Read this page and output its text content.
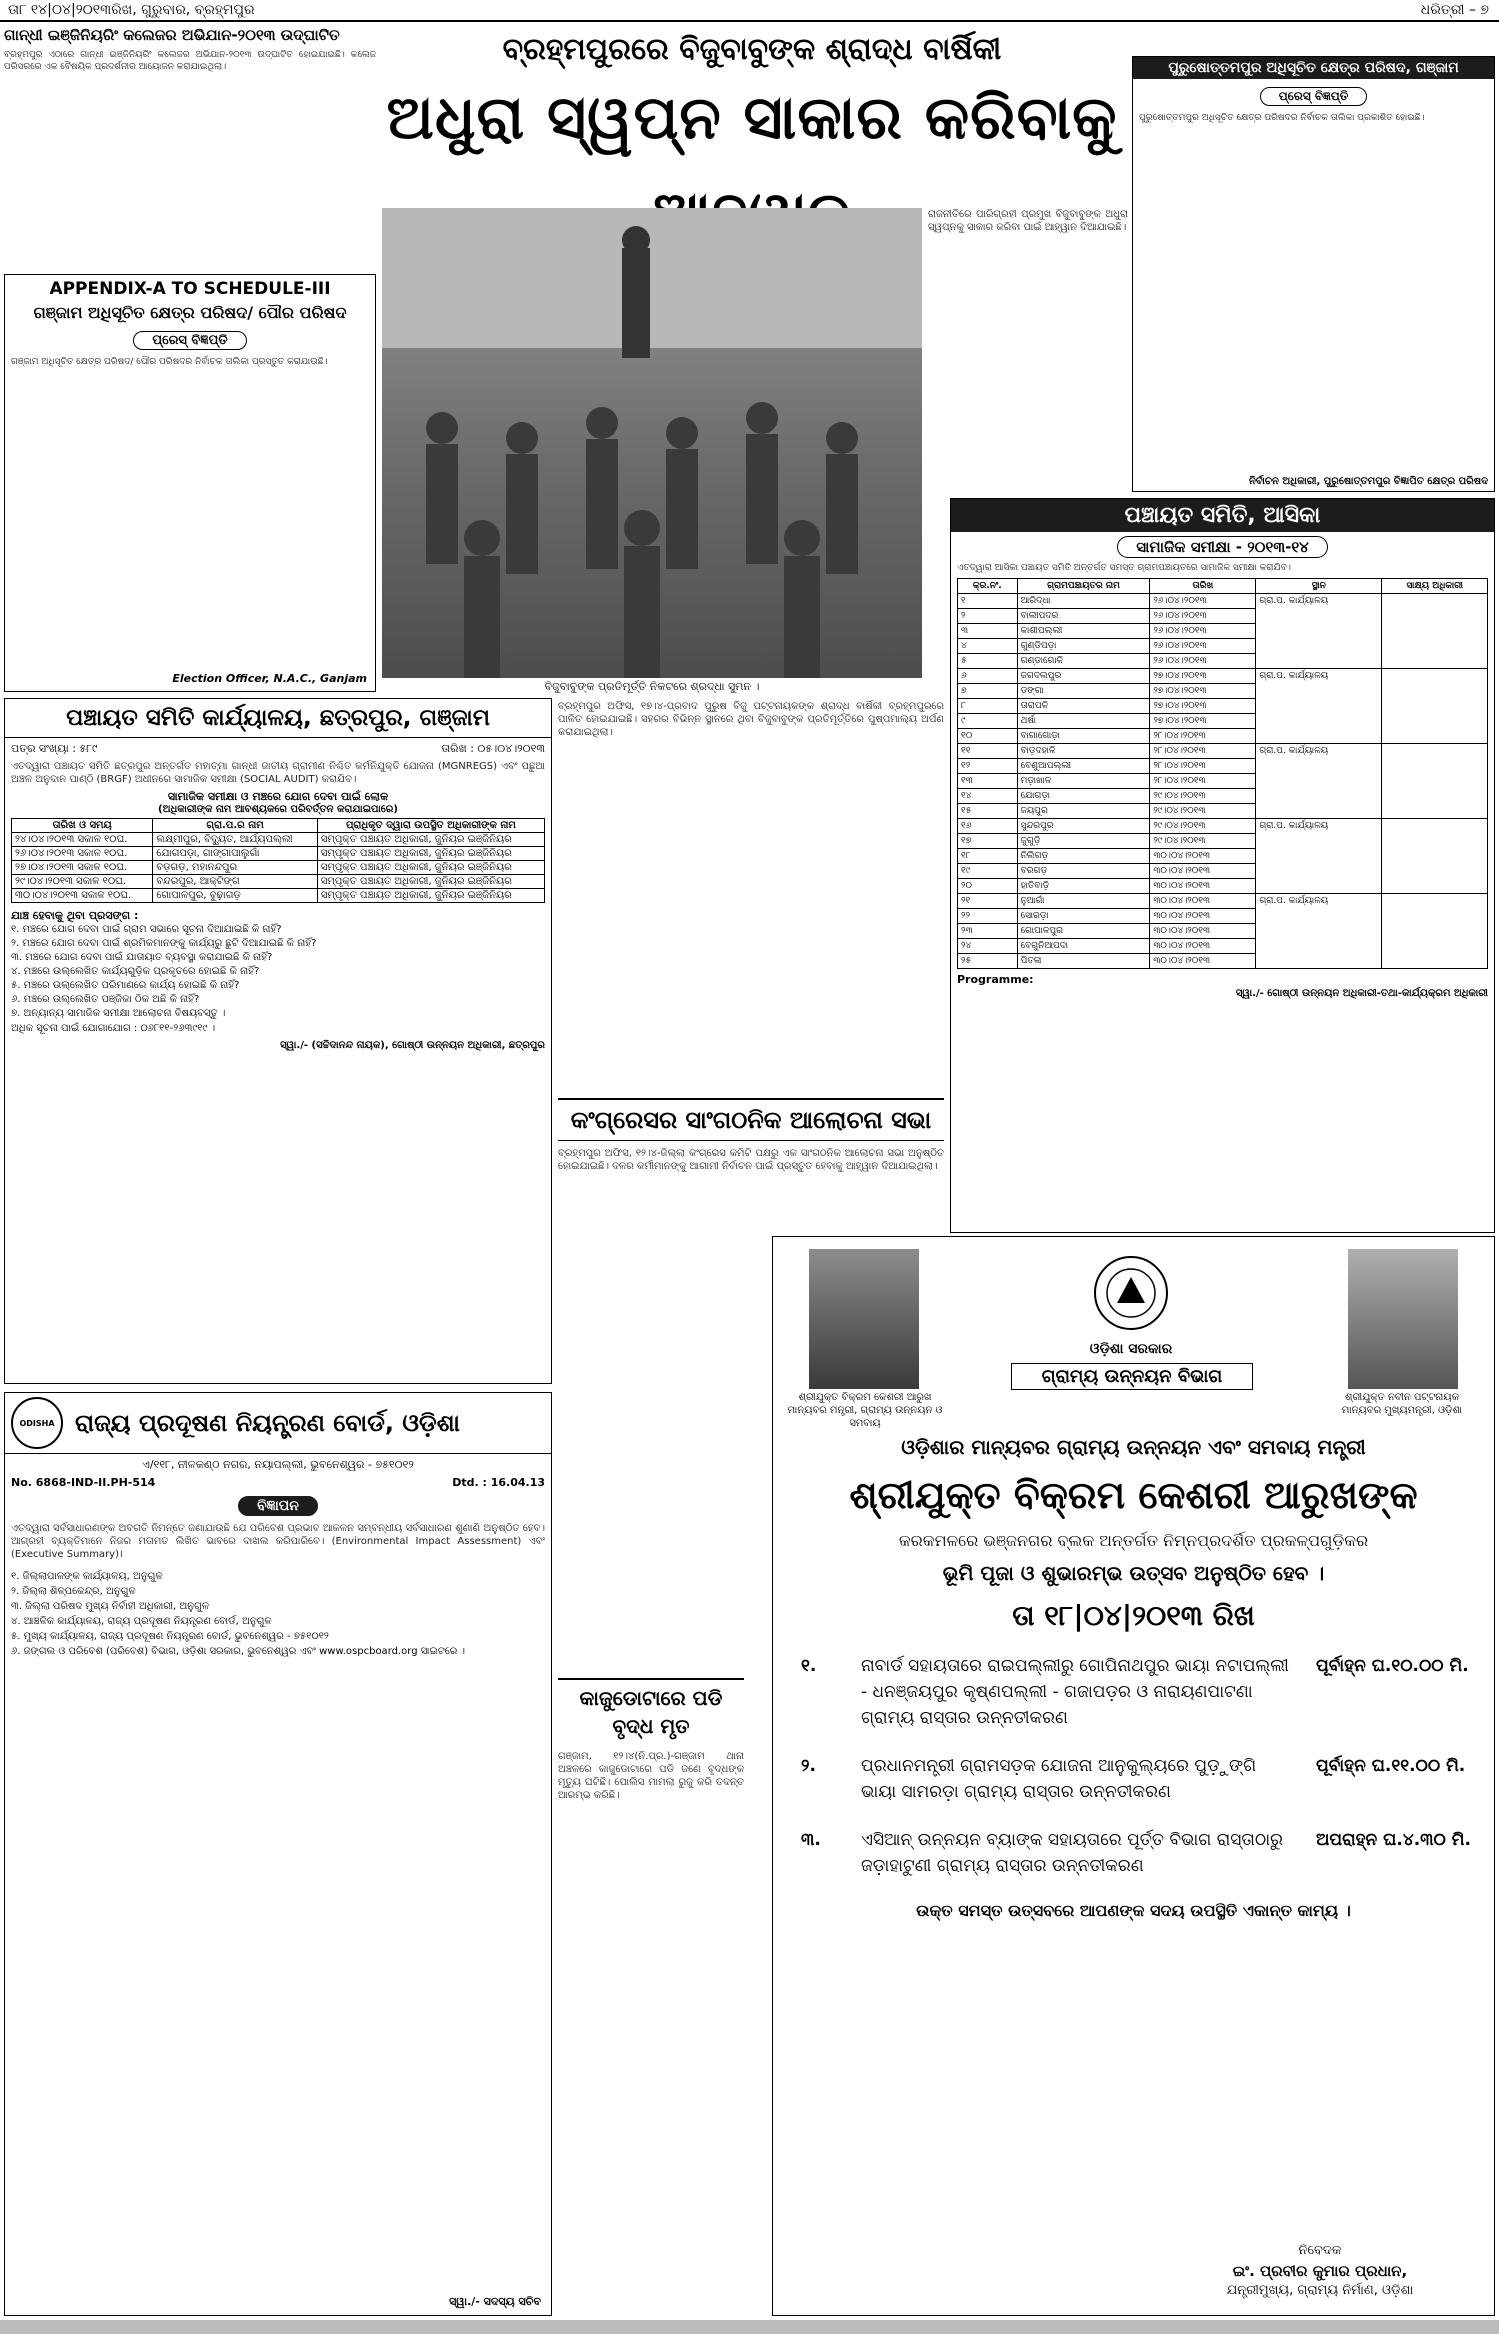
ତା୮ ୧୪|୦୪|୨୦୧୩ରିଖ, ଗୁରୁବାର, ବ୍ରହ୍ମପୁର	ଧରିତ୍ରୀ – ୭
ଗାନ୍ଧୀ ଇଞ୍ଜିନିୟରିଂ କଲେଜର ଅଭିଯାନ-୨୦୧୩ ଉଦ୍‌ଘାଟିତ
ବ୍ରହ୍ମପୁର ଏଠାରେ ଗାନ୍ଧୀ ଇଞ୍ଜିନିୟରିଂ କଲେଜର ଅଭିଯାନ-୨୦୧୩ ଉଦ୍‌ଘାଟିତ ହୋଇଯାଇଛି। କଲେଜ ପରିସରରେ ଏକ ବୈଷୟିକ ପ୍ରଦର୍ଶନୀର ଆୟୋଜନ କରାଯାଇଥିଲା।
APPENDIX-A TO SCHEDULE-III
ଗଞ୍ଜାମ ଅଧିସୂଚିତ କ୍ଷେତ୍ର ପରିଷଦ/ ପୌର ପରିଷଦ
ପ୍ରେସ୍ ବିଜ୍ଞପ୍ତି
ଗଞ୍ଜାମ ଅଧିସୂଚିତ କ୍ଷେତ୍ର ପରିଷଦ/ ପୌର ପରିଷଦର ନିର୍ବାଚକ ତାଲିକା ପ୍ରସ୍ତୁତ କରାଯାଉଛି।
Election Officer, N.A.C., Ganjam
ବ୍ରହ୍ମପୁରରେ ବିଜୁବାବୁଙ୍କ ଶ୍ରାଦ୍ଧ ବାର୍ଷିକୀ
ଅଧୁରା ସ୍ୱପ୍ନ ସାକାର କରିବାକୁ
ବିଜୁବାବୁଙ୍କ ପ୍ରତିମୂର୍ତ୍ତି ନିକଟରେ ଶ୍ରଦ୍ଧା ସୁମନ ।
ରାଜନୀତିରେ ପାରିଗ୍ରହୀ ପ୍ରମୁଖ ବିଜୁବାବୁଙ୍କ ଅଧୁରା ସ୍ୱପ୍ନକୁ ସାକାର କରିବା ପାଇଁ ଆହ୍ୱାନ ଦିଆଯାଇଛି।
ପୁରୁଷୋତ୍ତମପୁର ଅଧିସୂଚିତ କ୍ଷେତ୍ର ପରିଷଦ, ଗଞ୍ଜାମ
ପ୍ରେସ୍ ବିଜ୍ଞପ୍ତି
ପୁରୁଷୋତ୍ତମପୁର ଅଧିସୂଚିତ କ୍ଷେତ୍ର ପରିଷଦର ନିର୍ବାଚକ ତାଲିକା ପ୍ରକାଶିତ ହୋଇଛି।
ନିର୍ବାଚନ ଅଧିକାରୀ, ପୁରୁଷୋତ୍ତମପୁର ବିଜ୍ଞାପିତ କ୍ଷେତ୍ର ପରିଷଦ
ପଞ୍ଚାୟତ ସମିତି, ଆସିକା
ସାମାଜିକ ସମୀକ୍ଷା - ୨୦୧୩-୧୪
ଏତଦ୍ୱାରା ଆସିକା ପଞ୍ଚାୟତ ସମିତି ଅନ୍ତର୍ଗତ ସମସ୍ତ ଗ୍ରାମପଞ୍ଚାୟତରେ ସାମାଜିକ ସମୀକ୍ଷା କରାଯିବ।
କ୍ର.ନଂ.	ଗ୍ରାମପଞ୍ଚାୟତର ନାମ	ତାରିଖ	ସ୍ଥାନ	ସାକ୍ଷ୍ୟ ଅଧିକାରୀ
୧	ଆରିଦ୍ଧା	୨୬।୦୪।୨୦୧୩	ଗ୍ରା.ପ. କାର୍ଯ୍ୟାଳୟ	
୨	ବାଲୀପଦର	୨୬।୦୪।୨୦୧୩		
୩	କାଶୀପଲ୍ଲୀ	୨୬।୦୪।୨୦୧୩		
୪	ଗୁଣ୍ଡିପଡ଼ା	୨୬।୦୪।୨୦୧୩		
୫	ଗଣ୍ଡାଗୋଳି	୨୬।୦୪।୨୦୧୩		
୬	ଜଗଦଲପୁର	୨୭।୦୪।୨୦୧୩	ଗ୍ରା.ପ. କାର୍ଯ୍ୟାଳୟ	
୭	ଡଙ୍ଗା	୨୭।୦୪।୨୦୧୩		
୮	ତାରାପଳି	୨୭।୦୪।୨୦୧୩		
୯	ଥର୍ଷା	୨୭।୦୪।୨୦୧୩		
୧୦	ବାଗାଗୋଡ଼ା	୨୮।୦୪।୨୦୧୩		
୧୧	ବାଡ଼ଦହାଳି	୨୮।୦୪।୨୦୧୩	ଗ୍ରା.ପ. କାର୍ଯ୍ୟାଳୟ	
୧୨	ବେଣୁଆପଲ୍ଲୀ	୨୮।୦୪।୨୦୧୩		
୧୩	ମଡ଼ାଖାଳ	୨୮।୦୪।୨୦୧୩		
୧୪	ଯୋଗଡ଼ା	୨୯।୦୪।୨୦୧୩		
୧୫	ଜୟପୁର	୨୯।୦୪।୨୦୧୩		
୧୬	ସୁନ୍ଦରପୁର	୨୯।୦୪।୨୦୧୩	ଗ୍ରା.ପ. କାର୍ଯ୍ୟାଳୟ	
୧୭	ଜୁଗୁଡ଼ି	୨୯।୦୪।୨୦୧୩		
୧୮	ନିଲିଗଡ଼	୩୦।୦୪।୨୦୧୩		
୧୯	ବରଗଡ଼	୩୦।୦୪।୨୦୧୩		
୨୦	ହାତିବାଡ଼ି	୩୦।୦୪।୨୦୧୩		
୨୧	ନୁଆଗାଁ	୩୦।୦୪।୨୦୧୩	ଗ୍ରା.ପ. କାର୍ଯ୍ୟାଳୟ	
୨୨	ସୋରଡ଼ା	୩୦।୦୪।୨୦୧୩		
୨୩	ଗୋପାଳପୁର	୩୦।୦୪।୨୦୧୩		
୨୪	ବେଗୁନିଆପଦା	୩୦।୦୪।୨୦୧୩		
୨୫	ପିତଳା	୩୦।୦୪।୨୦୧୩		
Programme:
ସ୍ୱା./- ଗୋଷ୍ଠୀ ଉନ୍ନୟନ ଅଧିକାରୀ-ତଥା-କାର୍ଯ୍ୟକ୍ରମ ଅଧିକାରୀ
ପଞ୍ଚାୟତ ସମିତି କାର୍ଯ୍ୟାଳୟ, ଛତ୍ରପୁର, ଗଞ୍ଜାମ
ପତ୍ର ସଂଖ୍ୟା : ୫୮୯	ତାରିଖ : ୦୫।୦୪।୨୦୧୩
ଏତଦ୍ୱାରା ପଞ୍ଚାୟତ ସମିତି ଛତ୍ରପୁର ଅନ୍ତର୍ଗତ ମହାତ୍ମା ଗାନ୍ଧୀ ଜାତୀୟ ଗ୍ରାମୀଣ ନିଶ୍ଚିତ କର୍ମନିଯୁକ୍ତି ଯୋଜନା (MGNREGS) ଏବଂ ପଛୁଆ ଅଞ୍ଚଳ ଅନୁଦାନ ପାଣ୍ଠି (BRGF) ଅଧୀନରେ ସାମାଜିକ ସମୀକ୍ଷା (SOCIAL AUDIT) କରାଯିବ।
ସାମାଜିକ ସମୀକ୍ଷା ଓ ମଞ୍ଚରେ ଯୋଗ ଦେବା ପାଇଁ ଲୋକ
(ଅଧିକାରୀଙ୍କ ନାମ ଆବଶ୍ୟକରେ ପରିବର୍ତ୍ତନ କରାଯାଇପାରେ)
ତାରିଖ ଓ ସମୟ	ଗ୍ରା.ପ.ର ନାମ	ପ୍ରାଧିକୃତ ଦ୍ୱାରା ଉପସ୍ଥିତ ଅଧିକାରୀଙ୍କ ନାମ
୨୪।୦୪।୨୦୧୩ ସକାଳ ୧୦ଘ.	ଲକ୍ଷ୍ମୀପୁର, ବିଦ୍ୟୁତ, ଆର୍ଯ୍ୟପଲ୍ଲୀ	ସମ୍ପୃକ୍ତ ପଞ୍ଚାୟତ ଅଧିକାରୀ, ଜୁନିୟର ଇଞ୍ଜିନିୟର
୨୬।୦୪।୨୦୧୩ ସକାଳ ୧୦ଘ.	ଯୋଗପଡ଼ା, ଗାଙ୍ଗାପାଲୁଗାଁ	ସମ୍ପୃକ୍ତ ପଞ୍ଚାୟତ ଅଧିକାରୀ, ଜୁନିୟର ଇଞ୍ଜିନିୟର
୨୭।୦୪।୨୦୧୩ ସକାଳ ୧୦ଘ.	ବଡ଼ଗଡ଼, ମହାନନ୍ଦପୁର	ସମ୍ପୃକ୍ତ ପଞ୍ଚାୟତ ଅଧିକାରୀ, ଜୁନିୟର ଇଞ୍ଜିନିୟର
୨୯।୦୪।୨୦୧୩ ସକାଳ ୧୦ଘ.	ବନ୍ଦରପୁର, ଆକ୍ଟିଙ୍ଗ	ସମ୍ପୃକ୍ତ ପଞ୍ଚାୟତ ଅଧିକାରୀ, ଜୁନିୟର ଇଞ୍ଜିନିୟର
୩୦।୦୪।୨୦୧୩ ସକାଳ ୧୦ଘ.	ଗୋପାଳପୁର, ବୁଢ଼ାଗଡ଼	ସମ୍ପୃକ୍ତ ପଞ୍ଚାୟତ ଅଧିକାରୀ, ଜୁନିୟର ଇଞ୍ଜିନିୟର
ଯାଞ୍ଚ ହେବାକୁ ଥିବା ପ୍ରସଙ୍ଗ :
୧. ମଞ୍ଚରେ ଯୋଗ ଦେବା ପାଇଁ ଗ୍ରାମ ସଭାରେ ସୂଚନା ଦିଆଯାଇଛି କି ନାହିଁ?
୨. ମଞ୍ଚରେ ଯୋଗ ଦେବା ପାଇଁ ଶ୍ରମିକମାନଙ୍କୁ କାର୍ଯ୍ୟରୁ ଛୁଟି ଦିଆଯାଇଛି କି ନାହିଁ?
୩. ମଞ୍ଚରେ ଯୋଗ ଦେବା ପାଇଁ ଯାତାୟାତ ବ୍ୟବସ୍ଥା କରାଯାଇଛି କି ନାହିଁ?
୪. ମଞ୍ଚରେ ଉଲ୍ଲେଖିତ କାର୍ଯ୍ୟଗୁଡ଼ିକ ପ୍ରକୃତରେ ହୋଇଛି କି ନାହିଁ?
୫. ମଞ୍ଚରେ ଉଲ୍ଲେଖିତ ପରିମାଣରେ କାର୍ଯ୍ୟ ହୋଇଛି କି ନାହିଁ?
୬. ମଞ୍ଚରେ ଉଲ୍ଲେଖିତ ପଞ୍ଜିକା ଠିକ ଅଛି କି ନାହିଁ?
୭. ଅନ୍ୟାନ୍ୟ ସାମାଜିକ ସମୀକ୍ଷା ଆଲୋଚନା ବିଷୟବସ୍ତୁ ।
ଅଧିକ ସୂଚନା ପାଇଁ ଯୋଗାଯୋଗ : ୦୬୮୧୧-୨୬୩୯୧୯ ।
ସ୍ୱା./- (ସଚ୍ଚିଦାନନ୍ଦ ନାୟକ), ଗୋଷ୍ଠୀ ଉନ୍ନୟନ ଅଧିକାରୀ, ଛତ୍ରପୁର
ବ୍ରହ୍ମପୁର ଅଫିସ, ୧୭।୪-ପ୍ରବାଦ ପୁରୁଷ ବିଜୁ ପଟ୍ଟନାୟକଙ୍କ ଶ୍ରାଦ୍ଧ ବାର୍ଷିକୀ ବ୍ରହ୍ମପୁରରେ ପାଳିତ ହୋଇଯାଇଛି। ସହରର ବିଭିନ୍ନ ସ୍ଥାନରେ ଥିବା ବିଜୁବାବୁଙ୍କ ପ୍ରତିମୂର୍ତ୍ତିରେ ପୁଷ୍ପମାଲ୍ୟ ଅର୍ପଣ କରାଯାଇଥିଲା।
କଂଗ୍ରେସର ସାଂଗଠନିକ ଆଲୋଚନା ସଭା
ବ୍ରହ୍ମପୁର ଅଫିସ, ୧୨।୪-ଜିଲ୍ଲା କଂଗ୍ରେସ କମିଟି ପକ୍ଷରୁ ଏକ ସାଂଗଠନିକ ଆଲୋଚନା ସଭା ଅନୁଷ୍ଠିତ ହୋଇଯାଇଛି। ଦଳର କର୍ମୀମାନଙ୍କୁ ଆଗାମୀ ନିର୍ବାଚନ ପାଇଁ ପ୍ରସ୍ତୁତ ହେବାକୁ ଆହ୍ୱାନ ଦିଆଯାଇଥିଲା।
କାଜୁଡୋଟାରେ ପଡି ବୃଦ୍ଧ ମୃତ
ଗଞ୍ଜାମ, ୧୨।୪(ନି.ପ୍ର.)-ଗଞ୍ଜାମ ଥାନା ଅଞ୍ଚଳରେ କାଜୁଡୋଟାରେ ପଡି ଜଣେ ବୃଦ୍ଧଙ୍କ ମୃତ୍ୟୁ ଘଟିଛି। ପୋଲିସ ମାମଲା ରୁଜୁ କରି ତଦନ୍ତ ଆରମ୍ଭ କରିଛି।
ODISHA ରାଜ୍ୟ ପ୍ରଦୂଷଣ ନିୟନ୍ତ୍ରଣ ବୋର୍ଡ, ଓଡ଼ିଶା
ଏ/୧୧୮, ନୀଳକଣ୍ଠ ନଗର, ନୟାପଲ୍ଲୀ, ଭୁବନେଶ୍ୱର - ୭୫୧୦୧୨
No. 6868-IND-II.PH-514	Dtd. : 16.04.13
ବିଜ୍ଞାପନ
ଏତଦ୍ୱାରା ସର୍ବସାଧାରଣଙ୍କ ଅବଗତି ନିମନ୍ତେ ଜଣାଯାଉଛି ଯେ ପରିବେଶ ପ୍ରଭାବ ଆକଳନ ସମ୍ବନ୍ଧୀୟ ସର୍ବସାଧାରଣ ଶୁଣାଣି ଅନୁଷ୍ଠିତ ହେବ। ଆଗ୍ରହୀ ବ୍ୟକ୍ତିମାନେ ନିଜର ମତାମତ ଲିଖିତ ଭାବରେ ଦାଖଲ କରିପାରିବେ। (Environmental Impact Assessment) ଏବଂ (Executive Summary)।
୧. ଜିଲ୍ଲାପାଳଙ୍କ କାର୍ଯ୍ୟାଳୟ, ଅନୁଗୁଳ
୨. ଜିଲ୍ଲା ଶିଳ୍ପକେନ୍ଦ୍ର, ଅନୁଗୁଳ
୩. ଜିଲ୍ଲା ପରିଷଦ ମୁଖ୍ୟ ନିର୍ବାହୀ ଅଧିକାରୀ, ଅନୁଗୁଳ
୪. ଆଞ୍ଚଳିକ କାର୍ଯ୍ୟାଳୟ, ରାଜ୍ୟ ପ୍ରଦୂଷଣ ନିୟନ୍ତ୍ରଣ ବୋର୍ଡ, ଅନୁଗୁଳ
୫. ମୁଖ୍ୟ କାର୍ଯ୍ୟାଳୟ, ରାଜ୍ୟ ପ୍ରଦୂଷଣ ନିୟନ୍ତ୍ରଣ ବୋର୍ଡ, ଭୁବନେଶ୍ୱର - ୭୫୧୦୧୨
୬. ଜଙ୍ଗଲ ଓ ପରିବେଶ (ପରିବେଶ) ବିଭାଗ, ଓଡ଼ିଶା ସରକାର, ଭୁବନେଶ୍ୱର ଏବଂ www.ospcboard.org ସାଇଟରେ ।
ସ୍ୱା./- ସଦସ୍ୟ ସଚିବ
ଶ୍ରୀଯୁକ୍ତ ବିକ୍ରମ କେଶରୀ ଆରୁଖ
ମାନ୍ୟବର ମନ୍ତ୍ରୀ, ଗ୍ରାମ୍ୟ ଉନ୍ନୟନ ଓ ସମବାୟ
ଓଡ଼ିଶା ସରକାର
ଗ୍ରାମ୍ୟ ଉନ୍ନୟନ ବିଭାଗ
ଶ୍ରୀଯୁକ୍ତ ନବୀନ ପଟ୍ଟନାୟକ
ମାନ୍ୟବର ମୁଖ୍ୟମନ୍ତ୍ରୀ, ଓଡ଼ିଶା
ଓଡ଼ିଶାର ମାନ୍ୟବର ଗ୍ରାମ୍ୟ ଉନ୍ନୟନ ଏବଂ ସମବାୟ ମନ୍ତ୍ରୀ
ଶ୍ରୀଯୁକ୍ତ ବିକ୍ରମ କେଶରୀ ଆରୁଖଙ୍କ
କରକମଳରେ ଭଞ୍ଜନଗର ବ୍ଲକ ଅନ୍ତର୍ଗତ ନିମ୍ନପ୍ରଦର୍ଶିତ ପ୍ରକଳ୍ପଗୁଡ଼ିକର
ଭୂମି ପୂଜା ଓ ଶୁଭାରମ୍ଭ ଉତ୍ସବ ଅନୁଷ୍ଠିତ ହେବ ।
ତା ୧୮|୦୪|୨୦୧୩ ରିଖ
୧.	ନାବାର୍ଡ ସହାୟତାରେ ରାଇପଲ୍ଲୀରୁ ଗୋପିନାଥପୁର ଭାୟା ନଟାପଲ୍ଲୀ - ଧନଞ୍ଜୟପୁର କୃଷ୍ଣପଲ୍ଲୀ - ଗଜାପଡ଼ର ଓ ନାରାୟଣପାଟଣା ଗ୍ରାମ୍ୟ ରାସ୍ତାର ଉନ୍ନତୀକରଣ
ପୂର୍ବାହ୍ନ ଘ.୧୦.୦୦ ମି.
୨.	ପ୍ରଧାନମନ୍ତ୍ରୀ ଗ୍ରାମସଡ଼କ ଯୋଜନା ଆନୁକୁଲ୍ୟରେ ପୁଡ଼ୁଙ୍ଗି ଭାୟା ସାମରଡ଼ା ଗ୍ରାମ୍ୟ ରାସ୍ତାର ଉନ୍ନତୀକରଣ
ପୂର୍ବାହ୍ନ ଘ.୧୧.୦୦ ମି.
୩.	ଏସିଆନ୍ ଉନ୍ନୟନ ବ୍ୟାଙ୍କ ସହାୟତାରେ ପୂର୍ତ୍ତ ବିଭାଗ ରାସ୍ତାଠାରୁ ଜଡ଼ାହାଟୁଣୀ ଗ୍ରାମ୍ୟ ରାସ୍ତାର ଉନ୍ନତୀକରଣ
ଅପରାହ୍ନ ଘ.୪.୩୦ ମି.
ଉକ୍ତ ସମସ୍ତ ଉତ୍ସବରେ ଆପଣଙ୍କ ସଦୟ ଉପସ୍ଥିତି ଏକାନ୍ତ କାମ୍ୟ ।
ନିବେଦକ
ଇଂ. ପ୍ରବୀର କୁମାର ପ୍ରଧାନ,
ଯନ୍ତ୍ରୀମୁଖ୍ୟ, ଗ୍ରାମ୍ୟ ନିର୍ମାଣ, ଓଡ଼ିଶା
